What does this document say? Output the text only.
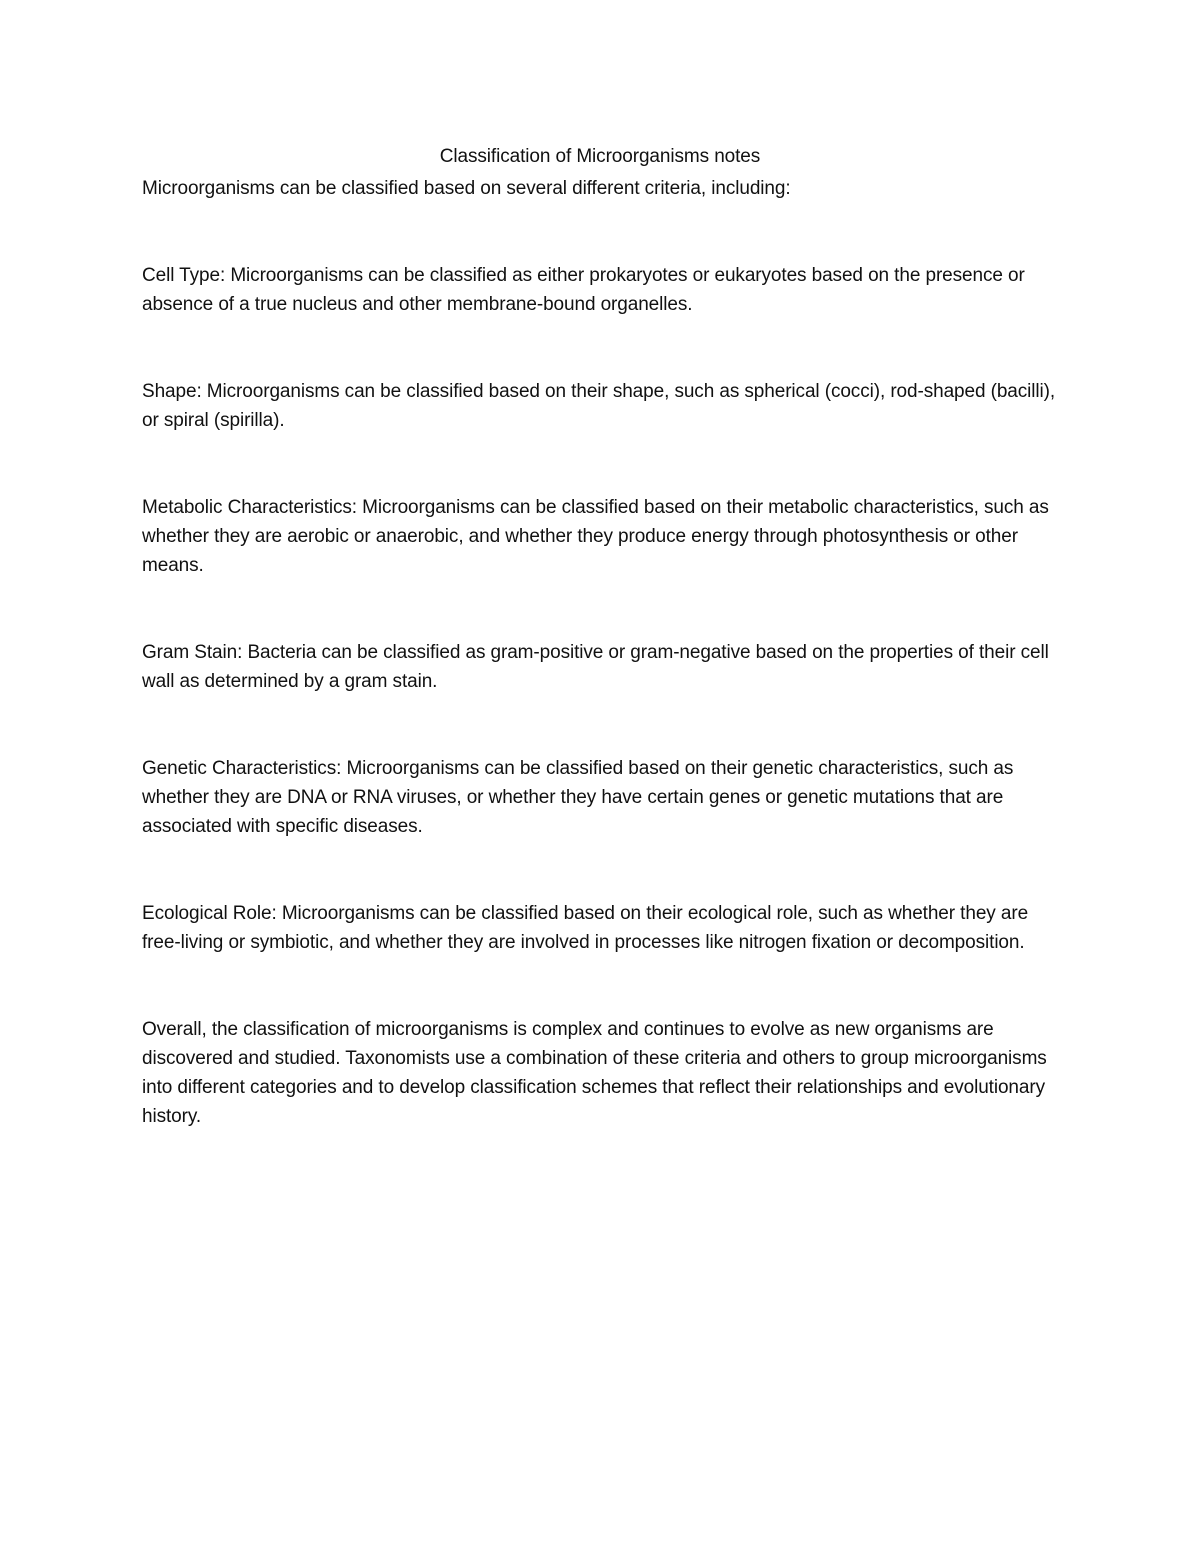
Classification of Microorganisms notes

Microorganisms can be classified based on several different criteria, including:

Cell Type: Microorganisms can be classified as either prokaryotes or eukaryotes based on the presence or absence of a true nucleus and other membrane-bound organelles.

Shape: Microorganisms can be classified based on their shape, such as spherical (cocci), rod-shaped (bacilli), or spiral (spirilla).

Metabolic Characteristics: Microorganisms can be classified based on their metabolic characteristics, such as whether they are aerobic or anaerobic, and whether they produce energy through photosynthesis or other means.

Gram Stain: Bacteria can be classified as gram-positive or gram-negative based on the properties of their cell wall as determined by a gram stain.

Genetic Characteristics: Microorganisms can be classified based on their genetic characteristics, such as whether they are DNA or RNA viruses, or whether they have certain genes or genetic mutations that are associated with specific diseases.

Ecological Role: Microorganisms can be classified based on their ecological role, such as whether they are free-living or symbiotic, and whether they are involved in processes like nitrogen fixation or decomposition.

Overall, the classification of microorganisms is complex and continues to evolve as new organisms are discovered and studied. Taxonomists use a combination of these criteria and others to group microorganisms into different categories and to develop classification schemes that reflect their relationships and evolutionary history.
